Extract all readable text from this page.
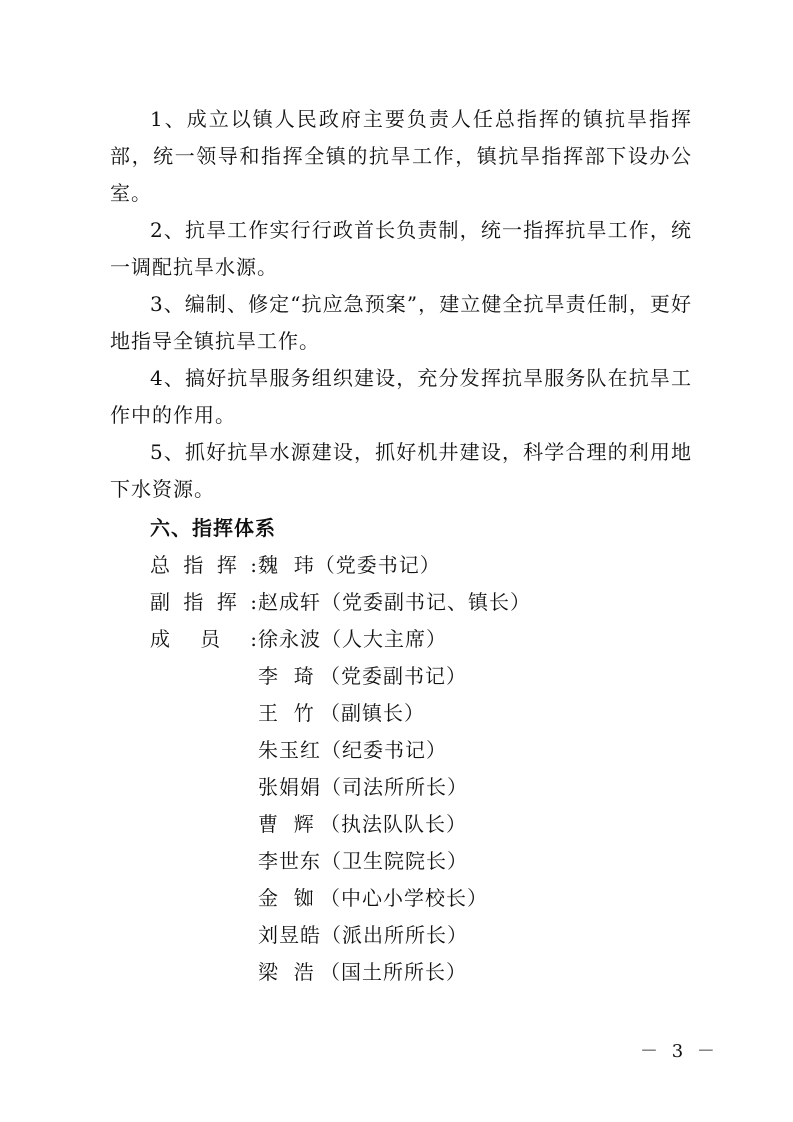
1、成立以镇人民政府主要负责人任总指挥的镇抗旱指挥部，统一领导和指挥全镇的抗旱工作，镇抗旱指挥部下设办公室。

2、抗旱工作实行行政首长负责制，统一指挥抗旱工作，统一调配抗旱水源。

3、编制、修定“抗应急预案”，建立健全抗旱责任制，更好地指导全镇抗旱工作。

4、搞好抗旱服务组织建设，充分发挥抗旱服务队在抗旱工作中的作用。

5、抓好抗旱水源建设，抓好机井建设，科学合理的利用地下水资源。

六、指挥体系

总指挥:魏  玮（党委书记）
副指挥:赵成轩（党委副书记、镇长）
成员:徐永波（人大主席）
李  琦 （党委副书记）
王  竹 （副镇长）
朱玉红（纪委书记）
张娟娟（司法所所长）
曹  辉 （执法队队长）
李世东（卫生院院长）
金  铷 （中心小学校长）
刘昱皓（派出所所长）
梁  浩 （国土所所长）
－ 3 －
